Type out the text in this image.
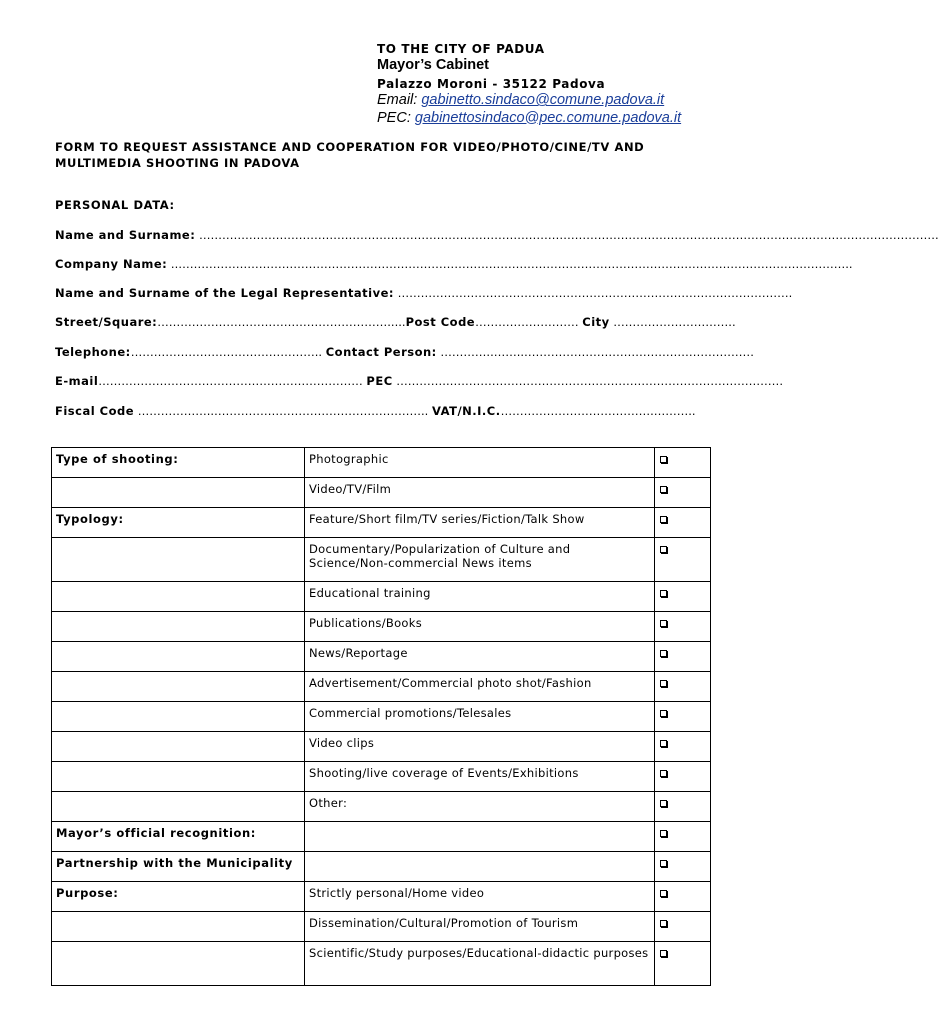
TO THE CITY OF PADUA
Mayor’s Cabinet
Palazzo Moroni - 35122 Padova
Email: gabinetto.sindaco@comune.padova.it
PEC: gabinettosindaco@pec.comune.padova.it
FORM TO REQUEST ASSISTANCE AND COOPERATION FOR VIDEO/PHOTO/CINE/TV AND MULTIMEDIA SHOOTING IN PADOVA
PERSONAL DATA:
Name and Surname: ………………………………………………………………………………………………………………………………………………………………………….
Company Name: ..…………………………………………………………………………………………………………………………………………………………..
Name and Surname of the Legal Representative: ………………………………………………………………………………………….
Street/Square:…………………………………………………….....Post Code……………………… City …………………………..
Telephone:………………………………………….. Contact Person: …………..……..……………………………………………………
E-mail…………………………………………………………… PEC …………..……………………………………………………………………………
Fiscal Code ………………..……………………………………………….. VAT/N.I.C.………………………………….………..
Type of shooting:	Photographic	
	Video/TV/Film	
Typology:	Feature/Short film/TV series/Fiction/Talk Show	
	Documentary/Popularization of Culture and Science/Non-commercial News items	
	Educational training	
	Publications/Books	
	News/Reportage	
	Advertisement/Commercial photo shot/Fashion	
	Commercial promotions/Telesales	
	Video clips	
	Shooting/live coverage of Events/Exhibitions	
	Other:	
Mayor’s official recognition:		
Partnership with the Municipality		
Purpose:	Strictly personal/Home video	
	Dissemination/Cultural/Promotion of Tourism	
	Scientific/Study purposes/Educational-didactic purposes	
